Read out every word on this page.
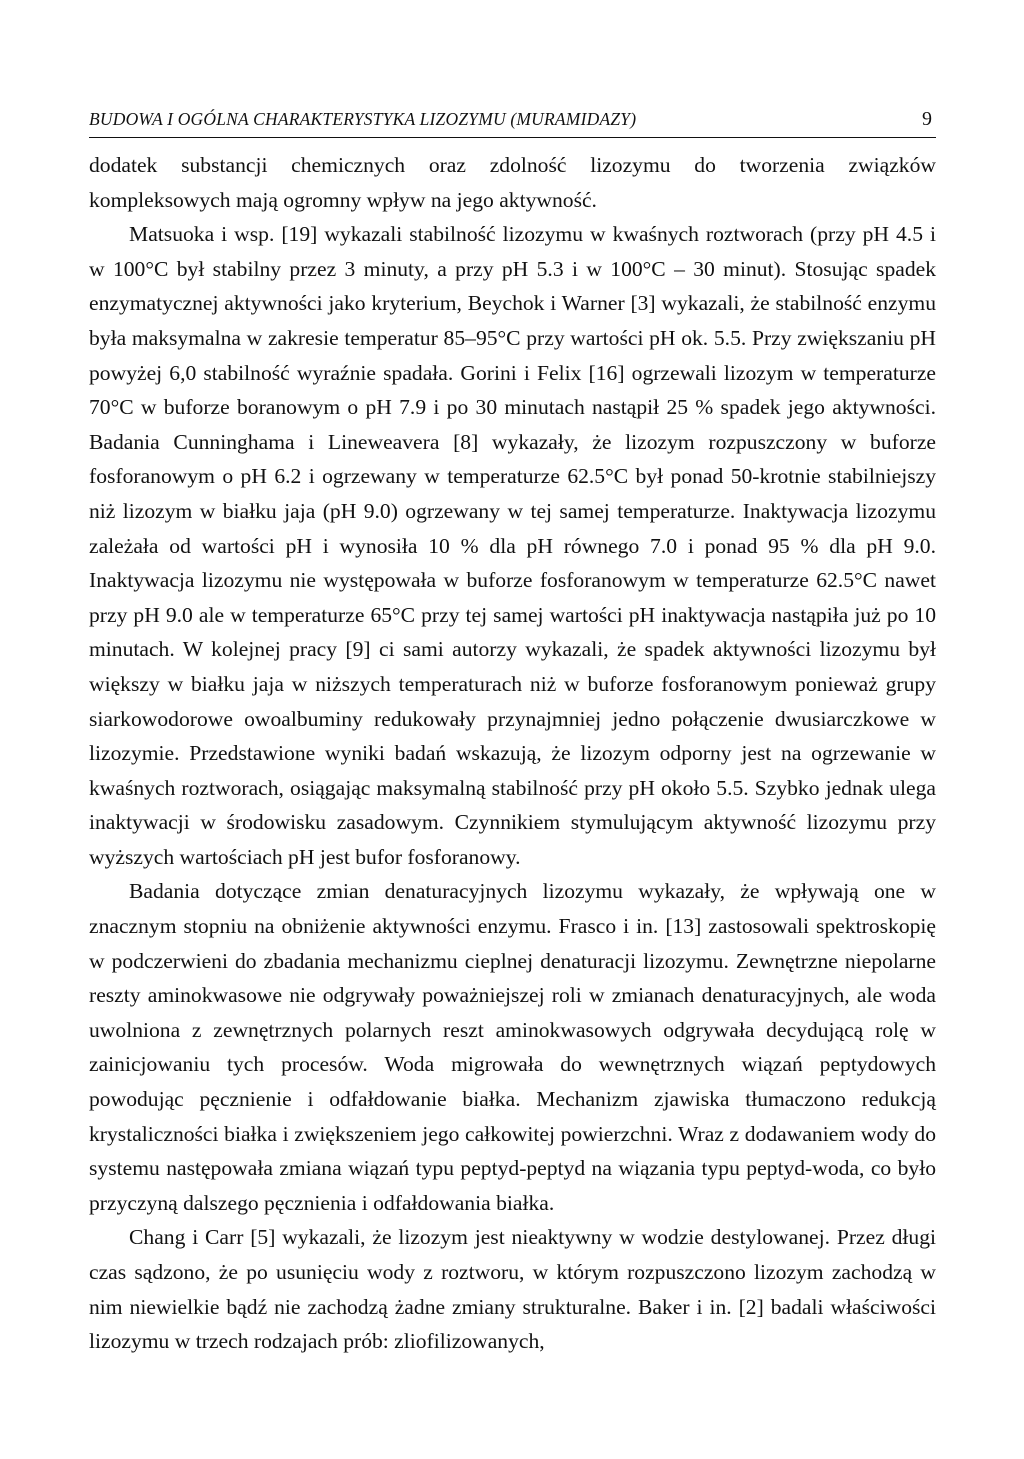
BUDOWA I OGÓLNA CHARAKTERYSTYKA LIZOZYMU (MURAMIDAZY)	9

dodatek substancji chemicznych oraz zdolność lizozymu do tworzenia związków kompleksowych mają ogromny wpływ na jego aktywność.

Matsuoka i wsp. [19] wykazali stabilność lizozymu w kwaśnych roztworach (przy pH 4.5 i w 100°C był stabilny przez 3 minuty, a przy pH 5.3 i w 100°C – 30 minut). Stosując spadek enzymatycznej aktywności jako kryterium, Beychok i Warner [3] wykazali, że stabilność enzymu była maksymalna w zakresie temperatur 85–95°C przy wartości pH ok. 5.5. Przy zwiększaniu pH powyżej 6,0 stabilność wyraźnie spadała. Gorini i Felix [16] ogrzewali lizozym w temperaturze 70°C w buforze boranowym o pH 7.9 i po 30 minutach nastąpił 25 % spadek jego aktywności. Badania Cunninghama i Lineweavera [8] wykazały, że lizozym rozpuszczony w buforze fosforanowym o pH 6.2 i ogrzewany w temperaturze 62.5°C był ponad 50-krotnie stabilniejszy niż lizozym w białku jaja (pH 9.0) ogrzewany w tej samej temperaturze. Inaktywacja lizozymu zależała od wartości pH i wynosiła 10 % dla pH równego 7.0 i ponad 95 % dla pH 9.0. Inaktywacja lizozymu nie występowała w buforze fosforanowym w temperaturze 62.5°C nawet przy pH 9.0 ale w temperaturze 65°C przy tej samej wartości pH inaktywacja nastąpiła już po 10 minutach. W kolejnej pracy [9] ci sami autorzy wykazali, że spadek aktywności lizozymu był większy w białku jaja w niższych temperaturach niż w buforze fosforanowym ponieważ grupy siarkowodorowe owoalbuminy redukowały przynajmniej jedno połączenie dwusiarczkowe w lizozymie. Przedstawione wyniki badań wskazują, że lizozym odporny jest na ogrzewanie w kwaśnych roztworach, osiągając maksymalną stabilność przy pH około 5.5. Szybko jednak ulega inaktywacji w środowisku zasadowym. Czynnikiem stymulującym aktywność lizozymu przy wyższych wartościach pH jest bufor fosforanowy.

Badania dotyczące zmian denaturacyjnych lizozymu wykazały, że wpływają one w znacznym stopniu na obniżenie aktywności enzymu. Frasco i in. [13] zastosowali spektroskopię w podczerwieni do zbadania mechanizmu cieplnej denaturacji lizozymu. Zewnętrzne niepolarne reszty aminokwasowe nie odgrywały poważniejszej roli w zmianach denaturacyjnych, ale woda uwolniona z zewnętrznych polarnych reszt aminokwasowych odgrywała decydującą rolę w zainicjowaniu tych procesów. Woda migrowała do wewnętrznych wiązań peptydowych powodując pęcznienie i odfałdowanie białka. Mechanizm zjawiska tłumaczono redukcją krystaliczności białka i zwiększeniem jego całkowitej powierzchni. Wraz z dodawaniem wody do systemu następowała zmiana wiązań typu peptyd-peptyd na wiązania typu peptyd-woda, co było przyczyną dalszego pęcznienia i odfałdowania białka.

Chang i Carr [5] wykazali, że lizozym jest nieaktywny w wodzie destylowanej. Przez długi czas sądzono, że po usunięciu wody z roztworu, w którym rozpuszczono lizozym zachodzą w nim niewielkie bądź nie zachodzą żadne zmiany strukturalne. Baker i in. [2] badali właściwości lizozymu w trzech rodzajach prób: zliofilizowanych,
